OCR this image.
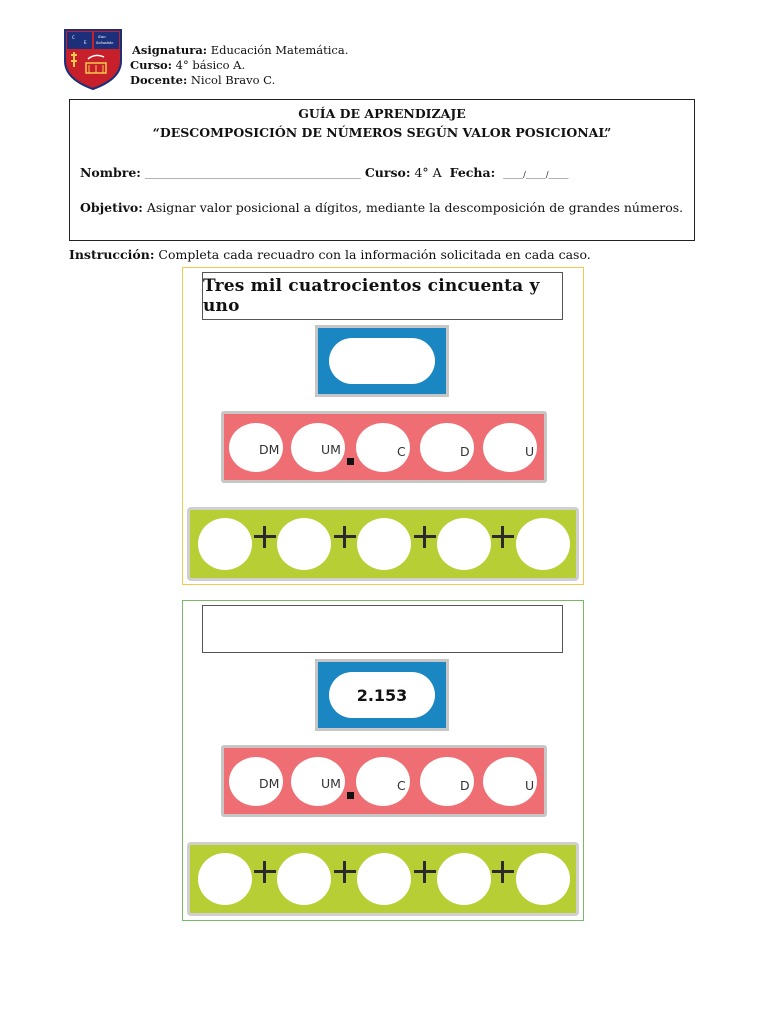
C
E
San
Sebastián Asignatura: Educación Matemática.
Curso: 4° básico A.
Docente: Nicol Bravo C.
GUÍA DE APRENDIZAJE
“DESCOMPOSICIÓN DE NÚMEROS SEGÚN VALOR POSICIONAL”
Nombre: ______________________________________________________ Curso: 4° A Fecha: _____/_____/_____
Objetivo: Asignar valor posicional a dígitos, mediante la descomposición de grandes números.
Instrucción: Completa cada recuadro con la información solicitada en cada caso.
Tres mil cuatrocientos cincuenta y uno
DM	UM	C	D	U
2.153
DM	UM	C	D	U
